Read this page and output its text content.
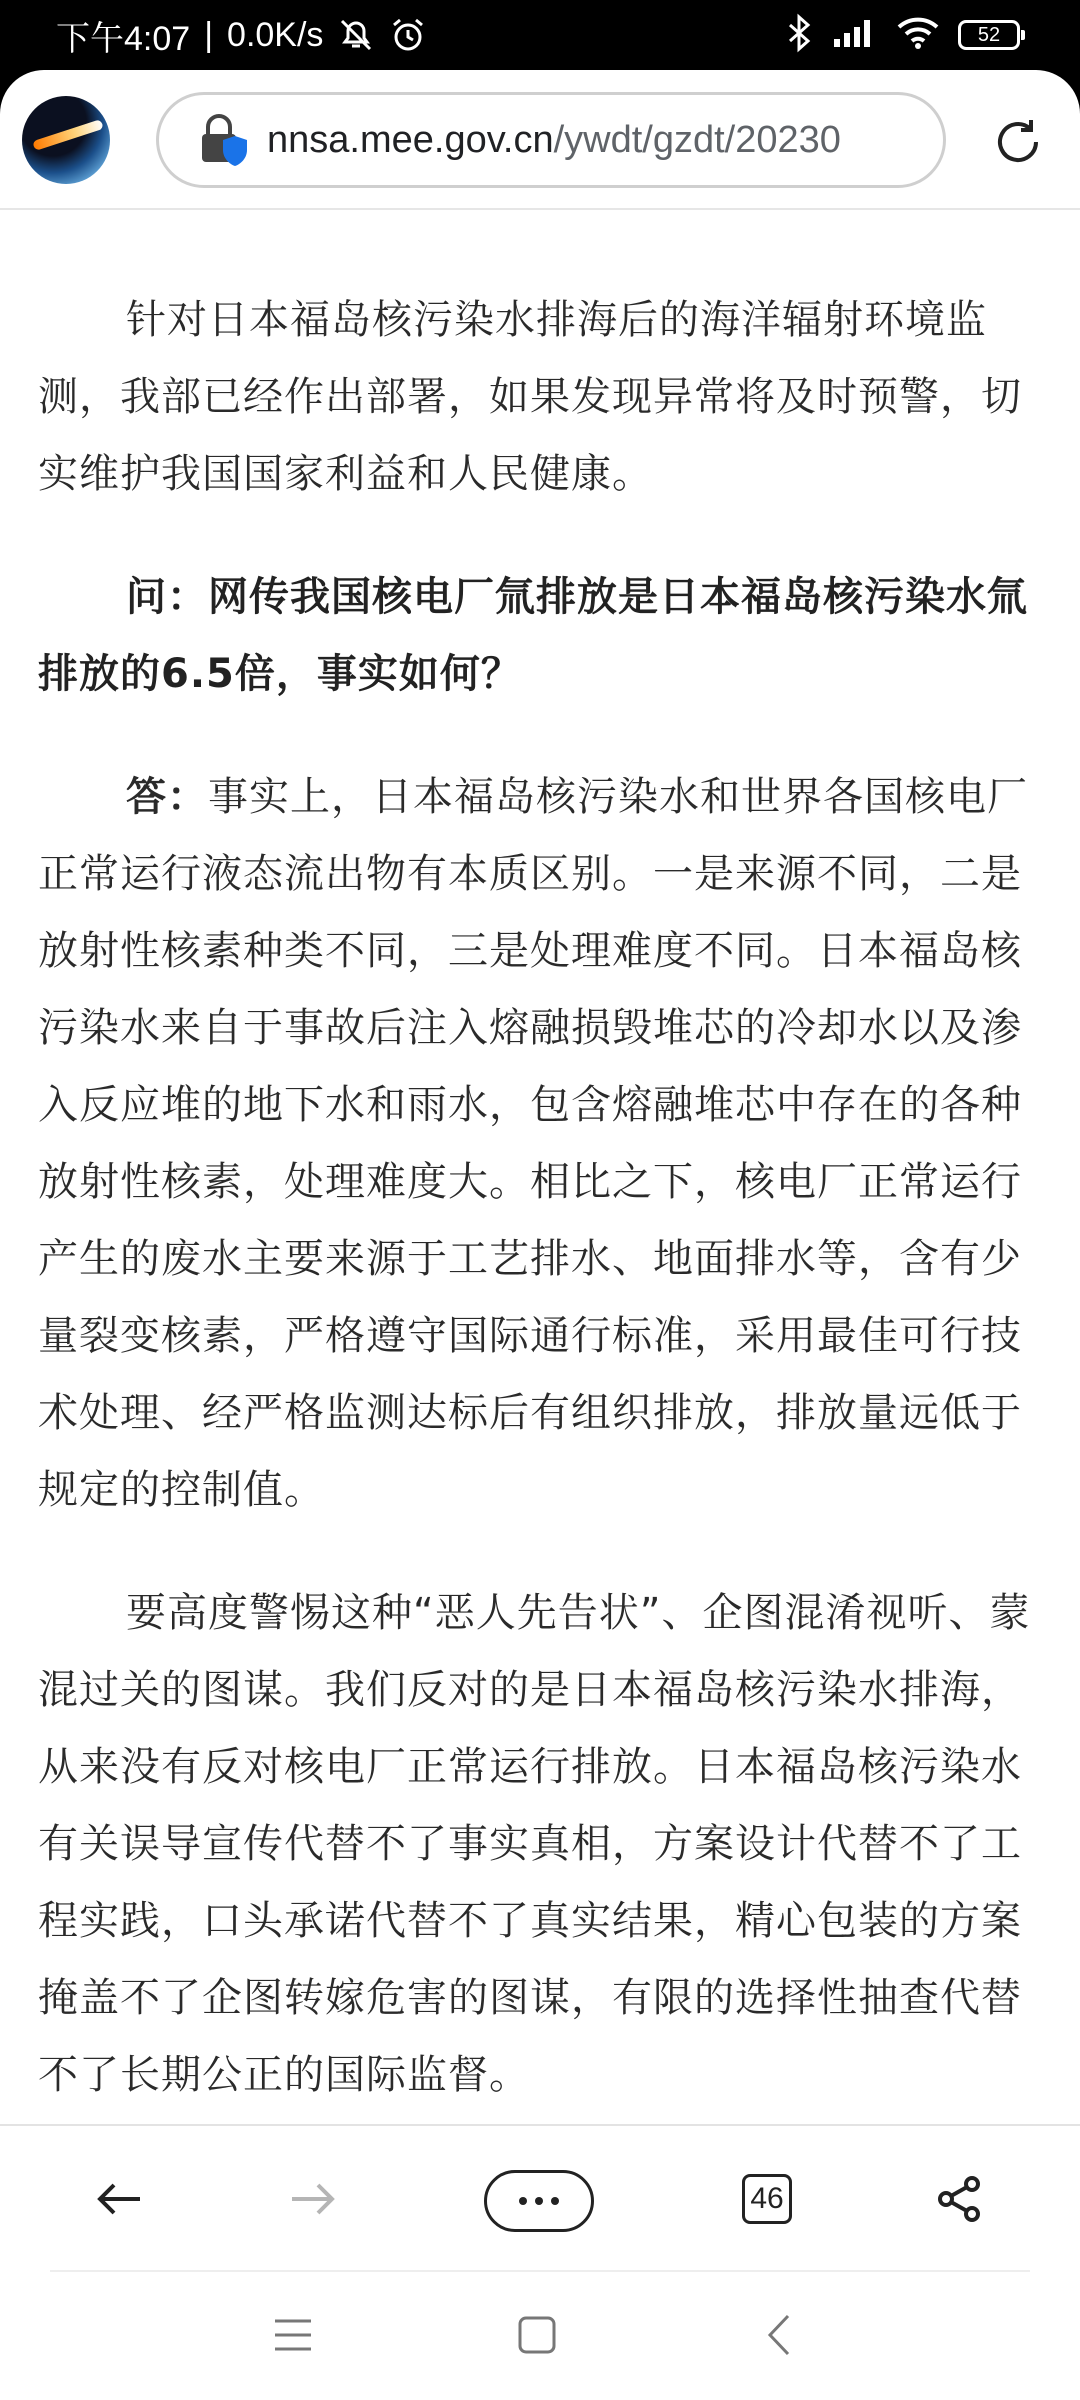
下午4:07 | 0.0K/s	52
nnsa.mee.gov.cn/ywdt/gzdt/20230

针对日本福岛核污染水排海后的海洋辐射环境监测，我部已经作出部署，如果发现异常将及时预警，切实维护我国国家利益和人民健康。

问：网传我国核电厂氚排放是日本福岛核污染水氚排放的6.5倍，事实如何？

答：事实上，日本福岛核污染水和世界各国核电厂正常运行液态流出物有本质区别。一是来源不同，二是放射性核素种类不同，三是处理难度不同。日本福岛核污染水来自于事故后注入熔融损毁堆芯的冷却水以及渗入反应堆的地下水和雨水，包含熔融堆芯中存在的各种放射性核素，处理难度大。相比之下，核电厂正常运行产生的废水主要来源于工艺排水、地面排水等，含有少量裂变核素，严格遵守国际通行标准，采用最佳可行技术处理、经严格监测达标后有组织排放，排放量远低于规定的控制值。

要高度警惕这种“恶人先告状”、企图混淆视听、蒙混过关的图谋。我们反对的是日本福岛核污染水排海，从来没有反对核电厂正常运行排放。日本福岛核污染水有关误导宣传代替不了事实真相，方案设计代替不了工程实践，口头承诺代替不了真实结果，精心包装的方案掩盖不了企图转嫁危害的图谋，有限的选择性抽查代替不了长期公正的国际监督。

46
